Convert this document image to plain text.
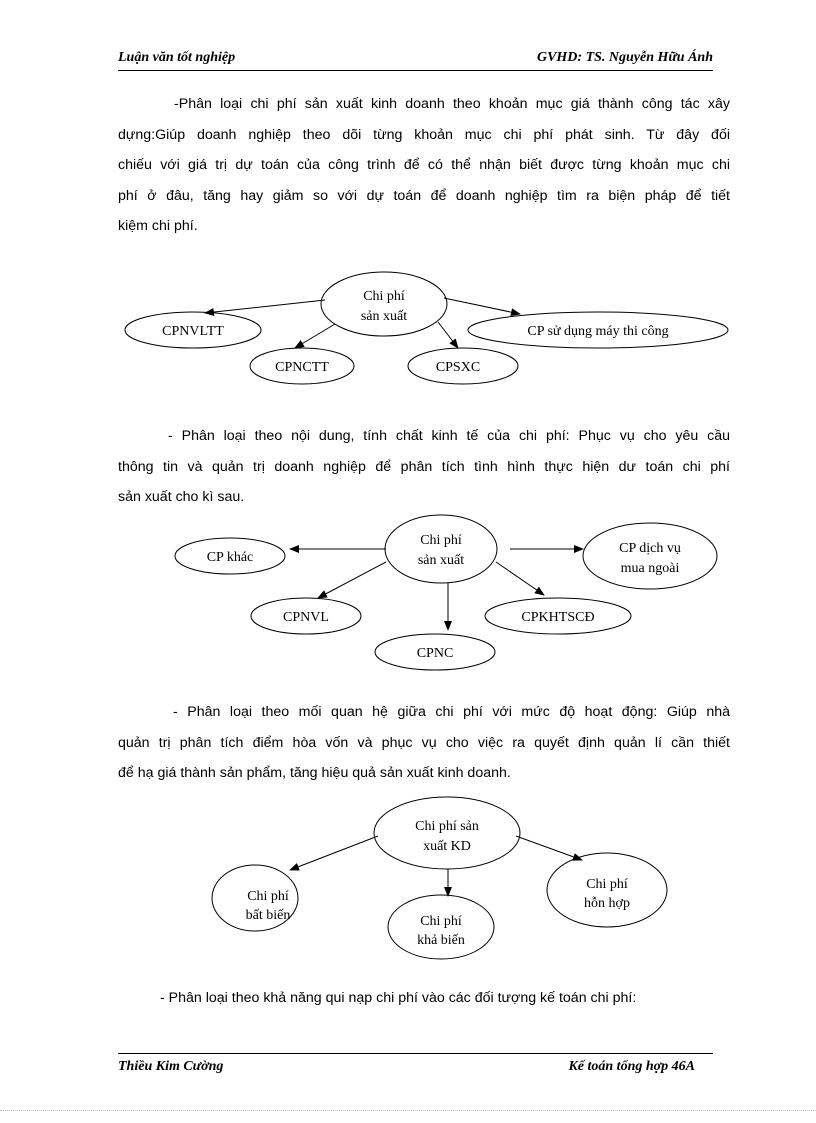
Luận văn tốt nghiệp	GVHD: TS. Nguyễn Hữu Ánh
-Phân loại chi phí sản xuất kinh doanh theo khoản mục giá thành công tác xây
dựng:Giúp doanh nghiệp theo dõi từng khoản mục chi phí phát sinh. Từ đây đối
chiếu với giá trị dự toán của công trình để có thể nhận biết được từng khoản mục chi
phí ở đâu, tăng hay giảm so với dự toán để doanh nghiệp tìm ra biện pháp để tiết
kiệm chi phí.
- Phân loại theo nội dung, tính chất kinh tế của chi phí: Phục vụ cho yêu cầu
thông tin và quản trị doanh nghiệp để phân tích tình hình thực hiện dư toán chi phí
sản xuất cho kì sau.
- Phân loại theo mối quan hệ giữa chi phí với mức độ hoạt động: Giúp nhà
quản trị phân tích điểm hòa vốn và phục vụ cho việc ra quyết định quản lí cần thiết
để hạ giá thành sản phẩm, tăng hiệu quả sản xuất kinh doanh.
- Phân loại theo khả năng qui nạp chi phí vào các đối tượng kế toán chi phí:
Chi phí
sản xuất
CPNVLTT
CPNCTT	CPSXC
CP sử dụng máy thi công
Chi phí
sản xuất
CP khác
CPNVL
CPNC
CPKHTSCĐ
CP dịch vụ
mua ngoài
Chi phí sản
xuất KD
Chi phí
bất biến	Chi phí
khả biến
Chi phí
hỗn hợp
Thiều Kim Cường	Kế toán tổng hợp 46A
